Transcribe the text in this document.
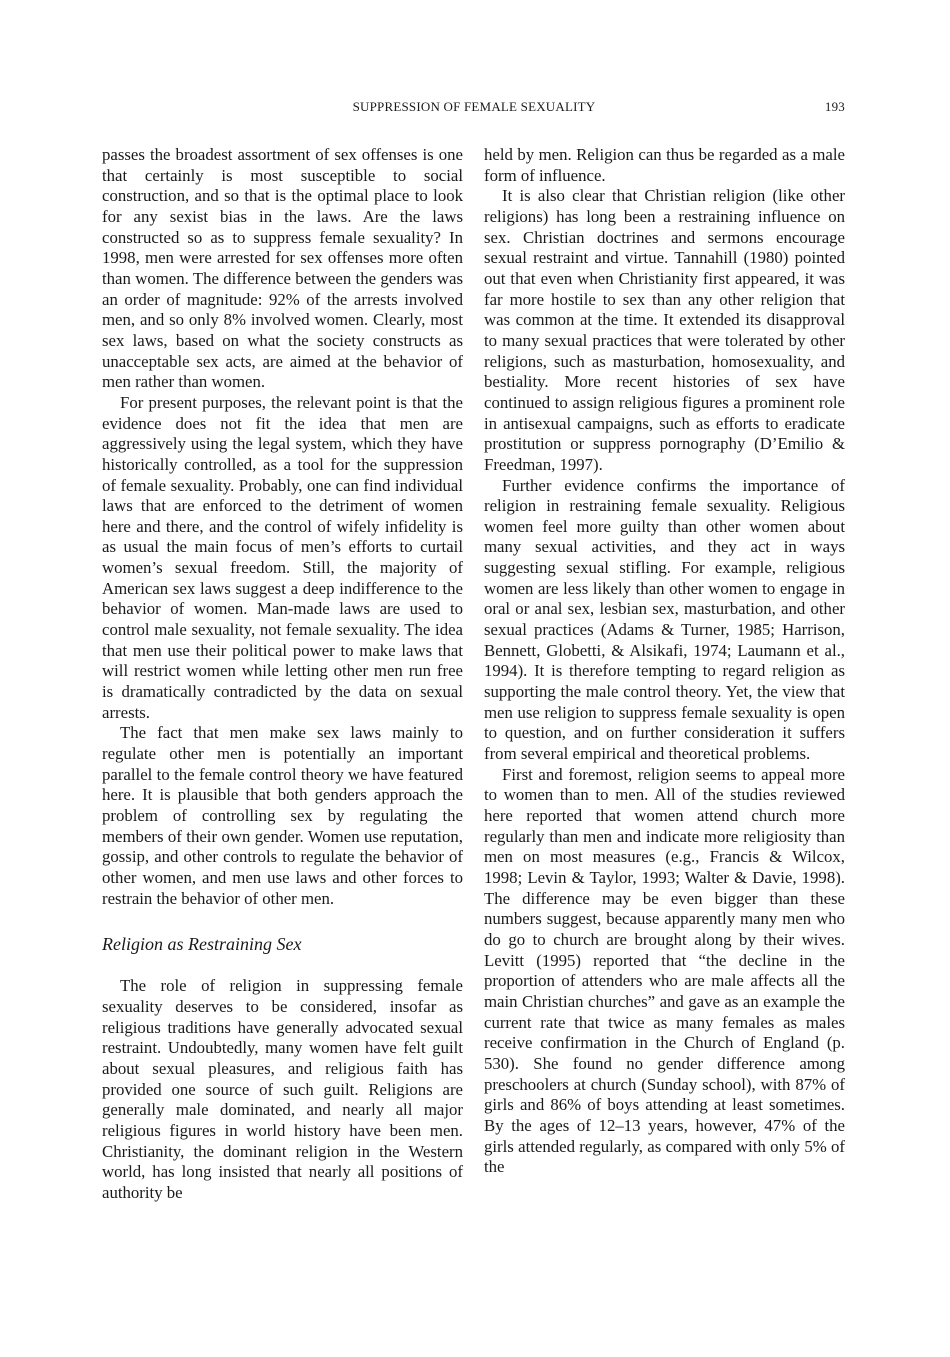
SUPPRESSION OF FEMALE SEXUALITY	193

passes the broadest assortment of sex offenses is one that certainly is most susceptible to social construction, and so that is the optimal place to look for any sexist bias in the laws. Are the laws constructed so as to suppress female sexuality? In 1998, men were arrested for sex offenses more often than women. The difference between the genders was an order of magnitude: 92% of the arrests involved men, and so only 8% involved women. Clearly, most sex laws, based on what the society constructs as unacceptable sex acts, are aimed at the behavior of men rather than women.

For present purposes, the relevant point is that the evidence does not fit the idea that men are aggressively using the legal system, which they have historically controlled, as a tool for the suppression of female sexuality. Probably, one can find individual laws that are enforced to the detriment of women here and there, and the control of wifely infidelity is as usual the main focus of men’s efforts to curtail women’s sexual freedom. Still, the majority of American sex laws suggest a deep indifference to the behavior of women. Man-made laws are used to control male sexuality, not female sexuality. The idea that men use their political power to make laws that will restrict women while letting other men run free is dramatically contradicted by the data on sexual arrests.

The fact that men make sex laws mainly to regulate other men is potentially an important parallel to the female control theory we have featured here. It is plausible that both genders approach the problem of controlling sex by regulating the members of their own gender. Women use reputation, gossip, and other controls to regulate the behavior of other women, and men use laws and other forces to restrain the behavior of other men.

Religion as Restraining Sex

The role of religion in suppressing female sexuality deserves to be considered, insofar as religious traditions have generally advocated sexual restraint. Undoubtedly, many women have felt guilt about sexual pleasures, and religious faith has provided one source of such guilt. Religions are generally male dominated, and nearly all major religious figures in world history have been men. Christianity, the dominant religion in the Western world, has long insisted that nearly all positions of authority be

held by men. Religion can thus be regarded as a male form of influence.

It is also clear that Christian religion (like other religions) has long been a restraining influence on sex. Christian doctrines and sermons encourage sexual restraint and virtue. Tannahill (1980) pointed out that even when Christianity first appeared, it was far more hostile to sex than any other religion that was common at the time. It extended its disapproval to many sexual practices that were tolerated by other religions, such as masturbation, homosexuality, and bestiality. More recent histories of sex have continued to assign religious figures a prominent role in antisexual campaigns, such as efforts to eradicate prostitution or suppress pornography (D’Emilio & Freedman, 1997).

Further evidence confirms the importance of religion in restraining female sexuality. Religious women feel more guilty than other women about many sexual activities, and they act in ways suggesting sexual stifling. For example, religious women are less likely than other women to engage in oral or anal sex, lesbian sex, masturbation, and other sexual practices (Adams & Turner, 1985; Harrison, Bennett, Globetti, & Alsikafi, 1974; Laumann et al., 1994). It is therefore tempting to regard religion as supporting the male control theory. Yet, the view that men use religion to suppress female sexuality is open to question, and on further consideration it suffers from several empirical and theoretical problems.

First and foremost, religion seems to appeal more to women than to men. All of the studies reviewed here reported that women attend church more regularly than men and indicate more religiosity than men on most measures (e.g., Francis & Wilcox, 1998; Levin & Taylor, 1993; Walter & Davie, 1998). The difference may be even bigger than these numbers suggest, because apparently many men who do go to church are brought along by their wives. Levitt (1995) reported that “the decline in the proportion of attenders who are male affects all the main Christian churches” and gave as an example the current rate that twice as many females as males receive confirmation in the Church of England (p. 530). She found no gender difference among preschoolers at church (Sunday school), with 87% of girls and 86% of boys attending at least sometimes. By the ages of 12–13 years, however, 47% of the girls attended regularly, as compared with only 5% of the
